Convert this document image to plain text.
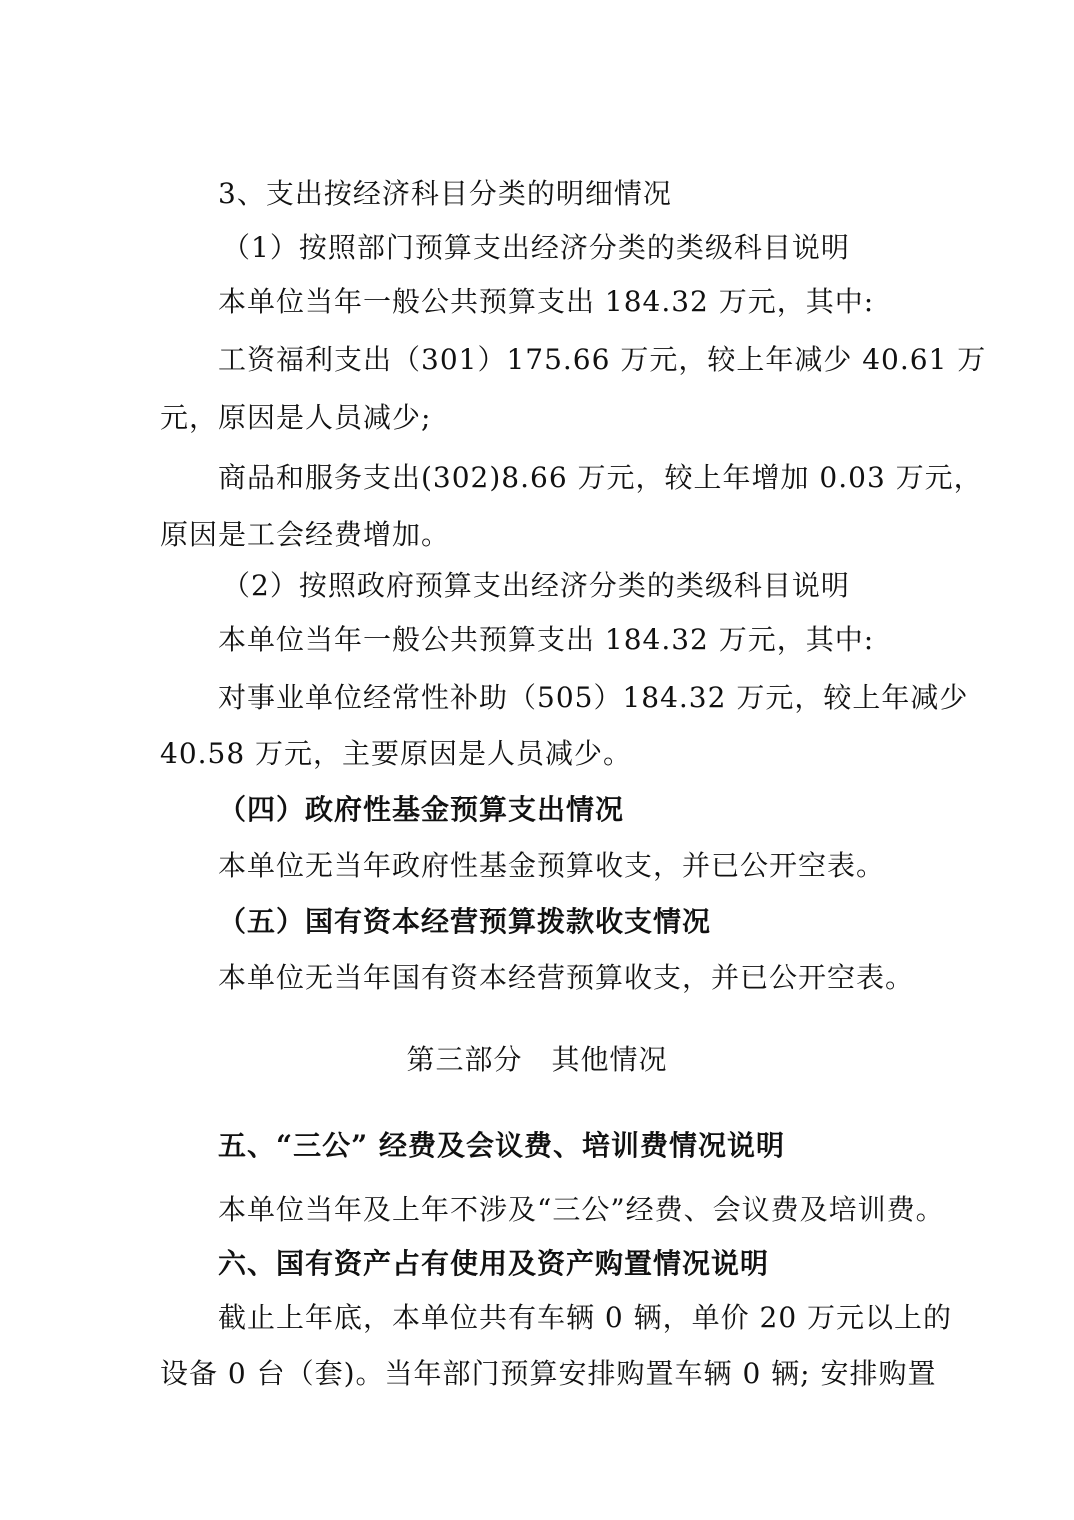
3、支出按经济科目分类的明细情况
（1）按照部门预算支出经济分类的类级科目说明
本单位当年一般公共预算支出 184.32 万元，其中:
工资福利支出（301）175.66 万元，较上年减少 40.61 万
元，原因是人员减少;
商品和服务支出(302)8.66 万元，较上年增加 0.03 万元，
原因是工会经费增加。
（2）按照政府预算支出经济分类的类级科目说明
本单位当年一般公共预算支出 184.32 万元，其中:
对事业单位经常性补助（505）184.32 万元，较上年减少
40.58 万元，主要原因是人员减少。
（四）政府性基金预算支出情况
本单位无当年政府性基金预算收支，并已公开空表。
（五）国有资本经营预算拨款收支情况
本单位无当年国有资本经营预算收支，并已公开空表。
第三部分　其他情况
五、“三公” 经费及会议费、培训费情况说明
本单位当年及上年不涉及“三公”经费、会议费及培训费。
六、国有资产占有使用及资产购置情况说明
截止上年底，本单位共有车辆 0 辆，单价 20 万元以上的
设备 0 台（套)。当年部门预算安排购置车辆 0 辆; 安排购置
